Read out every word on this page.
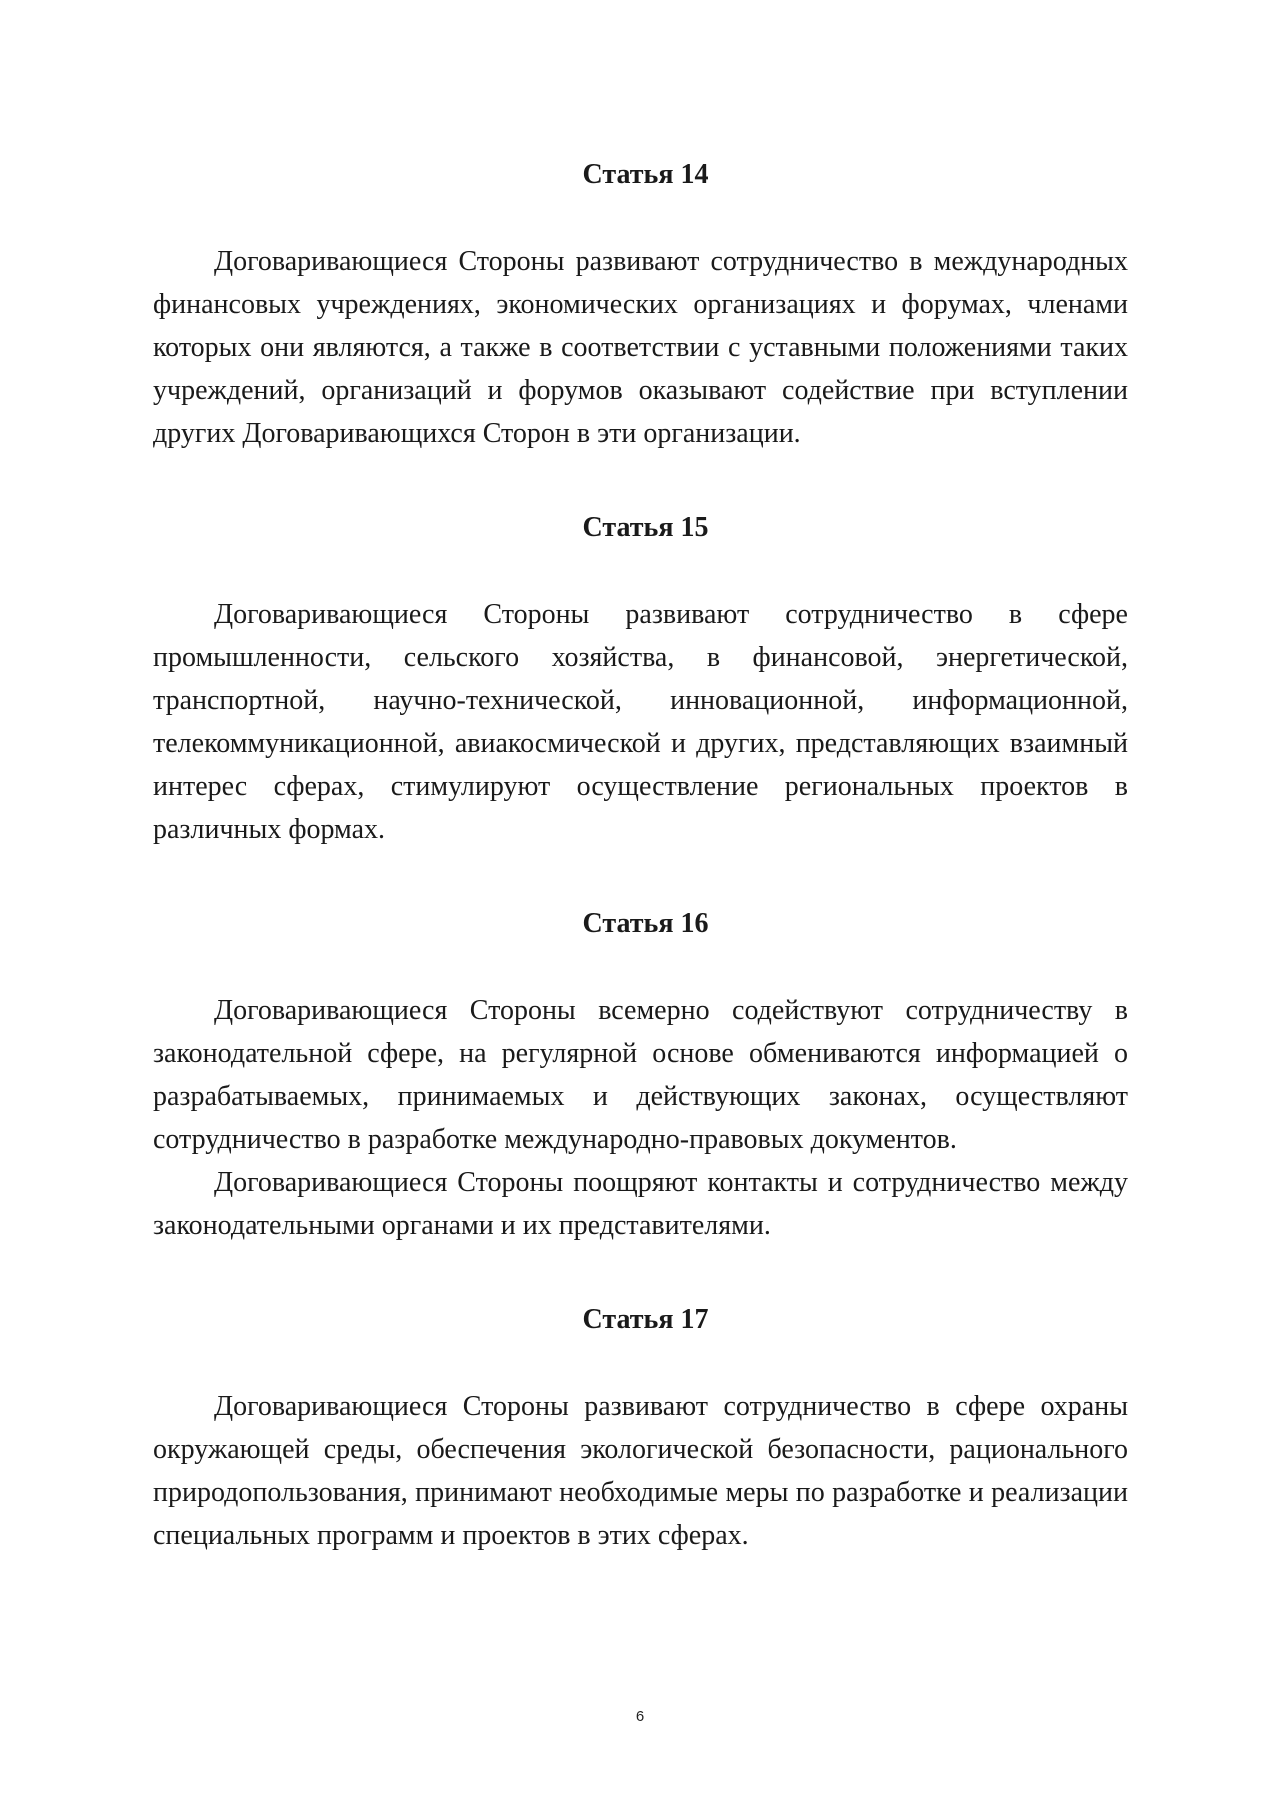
Статья 14

Договаривающиеся Стороны развивают сотрудничество в международных финансовых учреждениях, экономических организациях и форумах, членами которых они являются, а также в соответствии с уставными положениями таких учреждений, организаций и форумов оказывают содействие при вступлении других Договаривающихся Сторон в эти организации.

Статья 15

Договаривающиеся Стороны развивают сотрудничество в сфере промышленности, сельского хозяйства, в финансовой, энергетической, транспортной, научно-технической, инновационной, информационной, телекоммуникационной, авиакосмической и других, представляющих взаимный интерес сферах, стимулируют осуществление региональных проектов в различных формах.

Статья 16

Договаривающиеся Стороны всемерно содействуют сотрудничеству в законодательной сфере, на регулярной основе обмениваются информацией о разрабатываемых, принимаемых и действующих законах, осуществляют сотрудничество в разработке международно-правовых документов.

Договаривающиеся Стороны поощряют контакты и сотрудничество между законодательными органами и их представителями.

Статья 17

Договаривающиеся Стороны развивают сотрудничество в сфере охраны окружающей среды, обеспечения экологической безопасности, рационального природопользования, принимают необходимые меры по разработке и реализации специальных программ и проектов в этих сферах.

6
